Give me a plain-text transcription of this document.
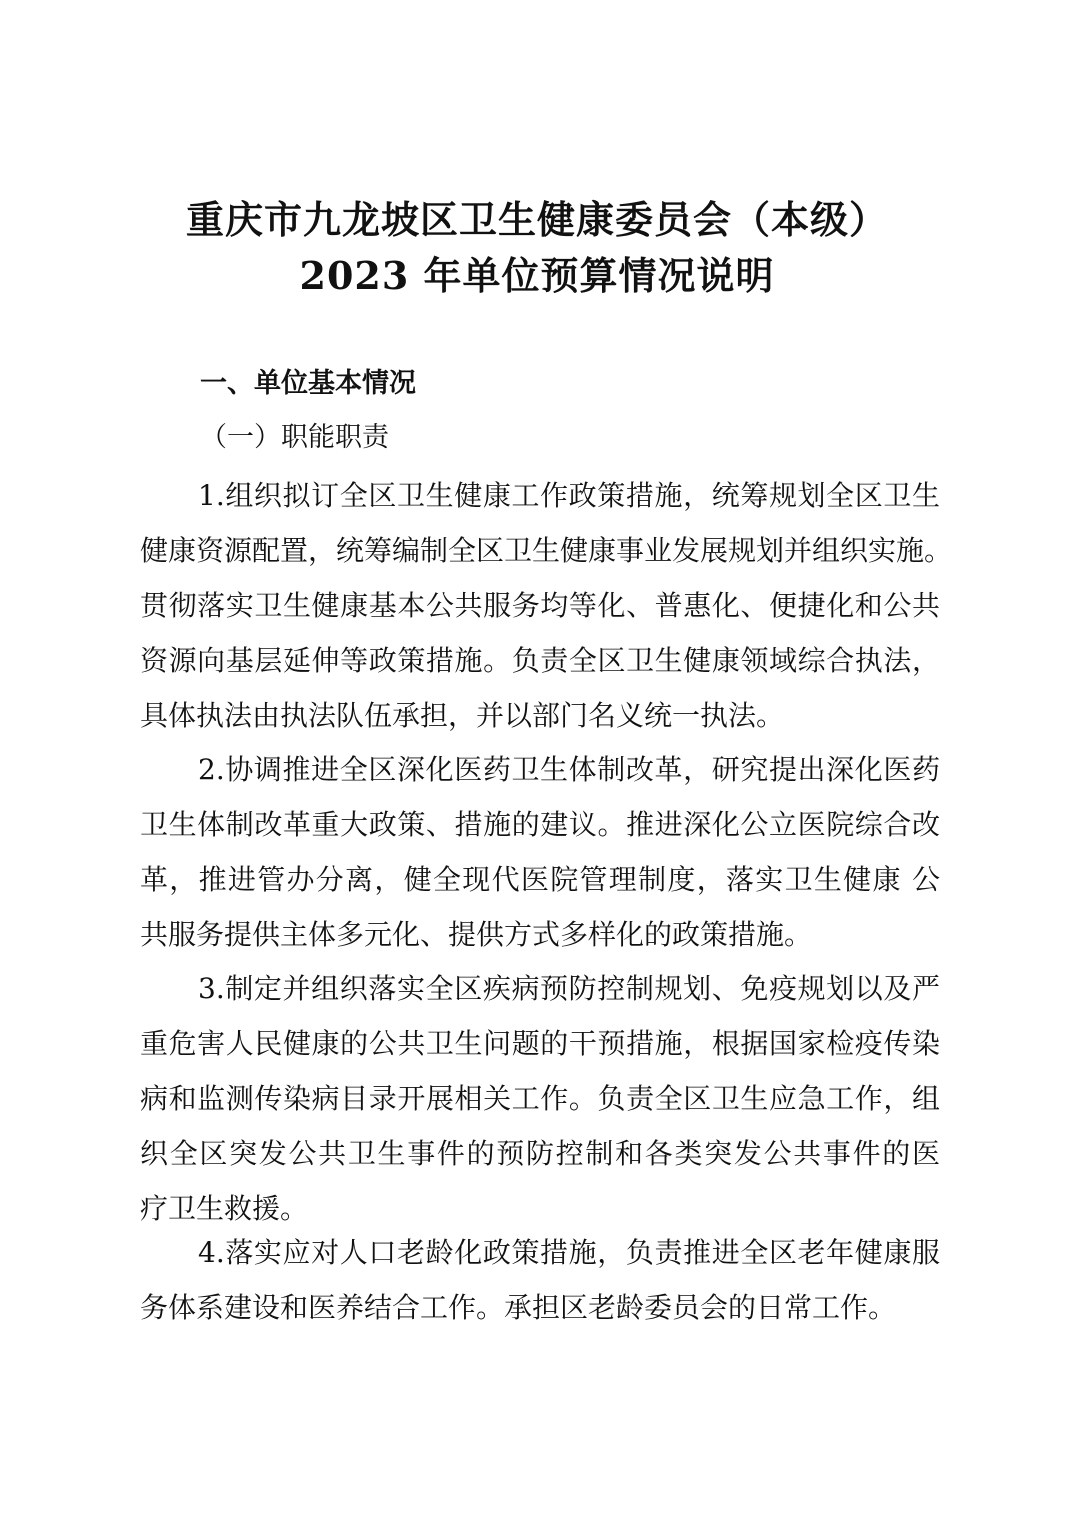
重庆市九龙坡区卫生健康委员会（本级）
2023 年单位预算情况说明
一、单位基本情况
（一）职能职责
1.组织拟订全区卫生健康工作政策措施，统筹规划全区卫生
健康资源配置，统筹编制全区卫生健康事业发展规划并组织实施。
贯彻落实卫生健康基本公共服务均等化、普惠化、便捷化和公共
资源向基层延伸等政策措施。负责全区卫生健康领域综合执法，
具体执法由执法队伍承担，并以部门名义统一执法。
2.协调推进全区深化医药卫生体制改革，研究提出深化医药
卫生体制改革重大政策、措施的建议。推进深化公立医院综合改
革，推进管办分离，健全现代医院管理制度，落实卫生健康 公
共服务提供主体多元化、提供方式多样化的政策措施。
3.制定并组织落实全区疾病预防控制规划、免疫规划以及严
重危害人民健康的公共卫生问题的干预措施，根据国家检疫传染
病和监测传染病目录开展相关工作。负责全区卫生应急工作，组
织全区突发公共卫生事件的预防控制和各类突发公共事件的医
疗卫生救援。
4.落实应对人口老龄化政策措施，负责推进全区老年健康服
务体系建设和医养结合工作。承担区老龄委员会的日常工作。
